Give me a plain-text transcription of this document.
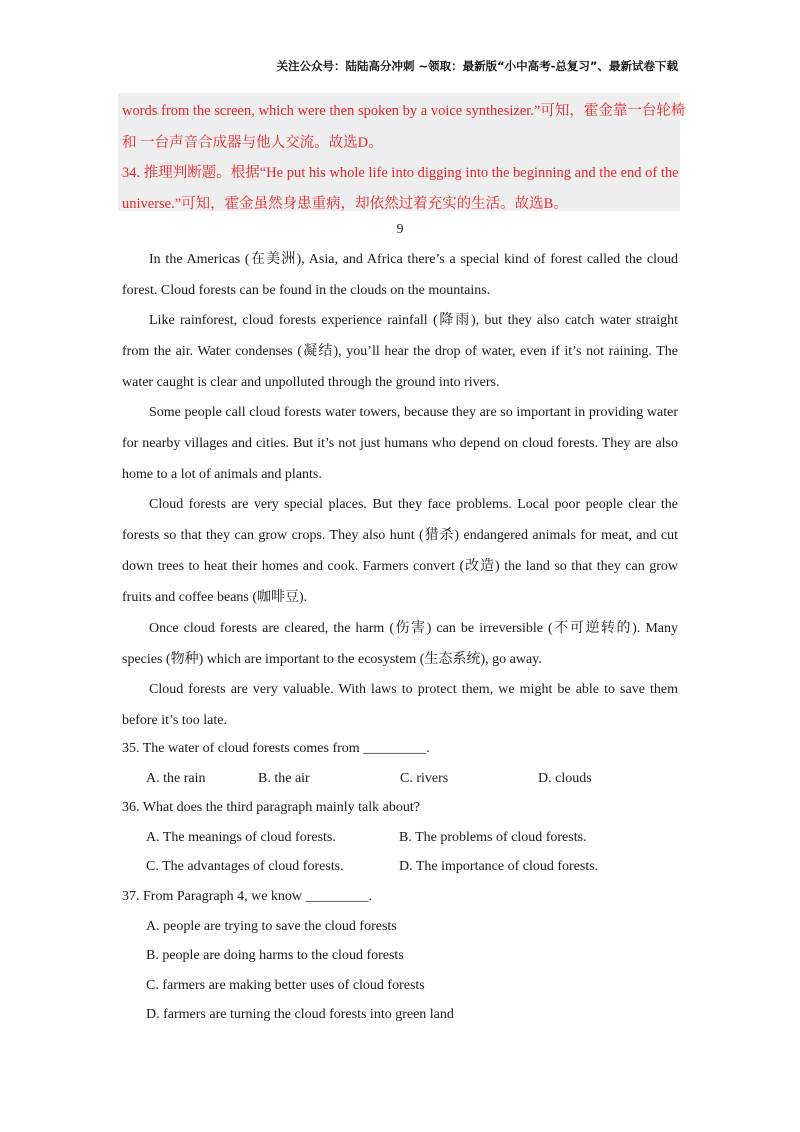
关注公众号：陆陆高分冲刺 ~领取：最新版“小中高考-总复习”、最新试卷下载
words from the screen, which were then spoken by a voice synthesizer.”可知，霍金靠一台轮椅
和 一台声音合成器与他人交流。故选D。
34. 推理判断题。根据“He put his whole life into digging into the beginning and the end of the
universe.”可知，霍金虽然身患重病，却依然过着充实的生活。故选B。
9

In the Americas (在美洲), Asia, and Africa there’s a special kind of forest called the cloud forest. Cloud forests can be found in the clouds on the mountains.

Like rainforest, cloud forests experience rainfall (降雨), but they also catch water straight from the air. Water condenses (凝结), you’ll hear the drop of water, even if it’s not raining. The water caught is clear and unpolluted through the ground into rivers.

Some people call cloud forests water towers, because they are so important in providing water for nearby villages and cities. But it’s not just humans who depend on cloud forests. They are also home to a lot of animals and plants.

Cloud forests are very special places. But they face problems. Local poor people clear the forests so that they can grow crops. They also hunt (猎杀) endangered animals for meat, and cut down trees to heat their homes and cook. Farmers convert (改造) the land so that they can grow fruits and coffee beans (咖啡豆).

Once cloud forests are cleared, the harm (伤害) can be irreversible (不可逆转的). Many species (物种) which are important to the ecosystem (生态系统), go away.

Cloud forests are very valuable. With laws to protect them, we might be able to save them before it’s too late.

35. The water of cloud forests comes from _________.
A. the rain	B. the air	C. rivers	D. clouds
36. What does the third paragraph mainly talk about?
A. The meanings of cloud forests.	B. The problems of cloud forests.
C. The advantages of cloud forests.	D. The importance of cloud forests.
37. From Paragraph 4, we know _________.
A. people are trying to save the cloud forests
B. people are doing harms to the cloud forests
C. farmers are making better uses of cloud forests
D. farmers are turning the cloud forests into green land
